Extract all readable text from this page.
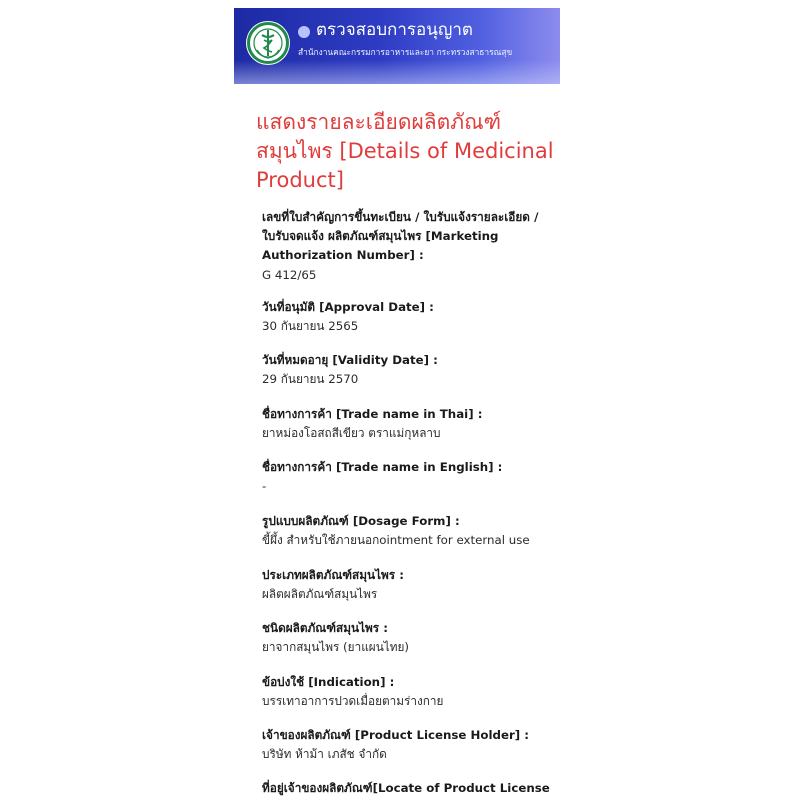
ตรวจสอบการอนุญาต
สำนักงานคณะกรรมการอาหารและยา กระทรวงสาธารณสุข
แสดงรายละเอียดผลิตภัณฑ์สมุนไพร [Details of Medicinal Product]
เลขที่ใบสำคัญการขึ้นทะเบียน / ใบรับแจ้งรายละเอียด / ใบรับจดแจ้ง ผลิตภัณฑ์สมุนไพร [Marketing Authorization Number] :
G 412/65
วันที่อนุมัติ [Approval Date] :
30 กันยายน 2565
วันที่หมดอายุ [Validity Date] :
29 กันยายน 2570
ชื่อทางการค้า [Trade name in Thai] :
ยาหม่องโอสถสีเขียว ตราแม่กุหลาบ
ชื่อทางการค้า [Trade name in English] :
-
รูปแบบผลิตภัณฑ์ [Dosage Form] :
ขี้ผึ้ง สำหรับใช้ภายนอกointment for external use
ประเภทผลิตภัณฑ์สมุนไพร :
ผลิตผลิตภัณฑ์สมุนไพร
ชนิดผลิตภัณฑ์สมุนไพร :
ยาจากสมุนไพร (ยาแผนไทย)
ข้อบ่งใช้ [Indication] :
บรรเทาอาการปวดเมื่อยตามร่างกาย
เจ้าของผลิตภัณฑ์ [Product License Holder] :
บริษัท ห้าม้า เภสัช จำกัด
ที่อยู่เจ้าของผลิตภัณฑ์[Locate of Product License
